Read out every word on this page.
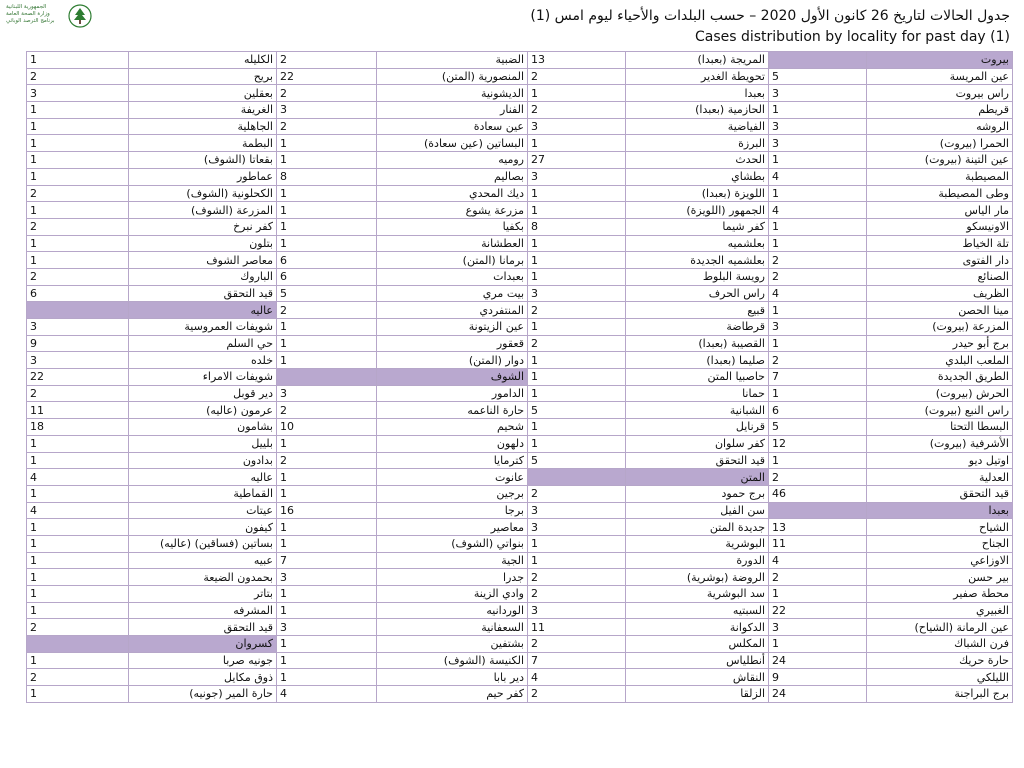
الجمهورية اللبنانية
وزارة الصحة العامة
برنامج الترصد الوبائي	جدول الحالات لتاريخ 26 كانون الأول 2020 – حسب البلدات والأحياء ليوم امس (1)
Cases distribution by locality for past day (1)
1	الكليله	2	الضبية	13	المريجة (بعبدا)		بيروت
2	بريح	22	المنصورية (المتن)	2	تحويطة الغدير	5	عين المريسة
3	بعقلين	2	الديشونية	1	بعبدا	3	راس بيروت
1	الغريفة	3	الفنار	2	الحازمية (بعبدا)	1	قريطم
1	الجاهلية	2	عين سعادة	3	الفياضية	3	الروشه
1	البطمة	1	البساتين (عين سعادة)	1	البرزة	3	الحمرا (بيروت)
1	بقعاتا (الشوف)	1	روميه	27	الحدث	1	عين التينة (بيروت)
1	عماطور	8	بصاليم	3	بطشاي	4	المصيطبة
2	الكحلونية (الشوف)	1	ديك المحدي	1	اللويزة (بعبدا)	1	وطى المصيطبة
1	المزرعة (الشوف)	1	مزرعة يشوع	1	الجمهور (اللويزة)	4	مار الياس
2	كفر نبرخ	1	بكفيا	8	كفر شيما	1	الاونيسكو
1	بتلون	1	العطشانة	1	بعلشميه	1	تلة الخياط
1	معاصر الشوف	6	برمانا (المتن)	1	بعلشميه الجديدة	2	دار الفتوى
2	الباروك	6	بعبدات	1	رويسة البلوط	2	الصنائع
6	قيد التحقق	5	بيت مري	3	راس الحرف	4	الظريف
	عاليه	2	المنتفردي	2	قبيع	1	مينا الحصن
3	شويفات العمروسية	1	عين الزيتونة	1	قرطاضة	3	المزرعة (بيروت)
9	حي السلم	1	قعقور	2	القصيبة (بعبدا)	1	برج أبو حيدر
3	خلده	1	دوار (المتن)	1	صليما (بعبدا)	2	الملعب البلدي
22	شويفات الامراء		الشوف	1	حاصبيا المتن	7	الطريق الجديدة
2	دير قوبل	3	الدامور	1	حمانا	1	الحرش (بيروت)
11	عرمون (عاليه)	2	حارة الناعمه	5	الشبانية	6	راس النبع (بيروت)
18	بشامون	10	شحيم	1	قرنايل	5	البسطا التحتا
1	بلييل	1	دلهون	1	كفر سلوان	12	الأشرفية (بيروت)
1	بدادون	2	كترمايا	5	قيد التحقق	1	اوتيل ديو
4	عاليه	1	عانوت		المتن	2	العدلية
1	القماطية	1	برجين	2	برج حمود	46	قيد التحقق
4	عيتات	16	برجا	3	سن الفيل		بعبدا
1	كيفون	1	معاصير	3	جديدة المتن	13	الشياح
1	بساتين (فساقين) (عاليه)	1	بنواتي (الشوف)	1	البوشرية	11	الجناح
1	عبيه	7	الجية	1	الدورة	4	الاوزاعي
1	بحمدون الضيعة	3	جدرا	2	الروضة (بوشرية)	2	بير حسن
1	بتاتر	1	وادي الزينة	2	سد البوشرية	1	محطة صفير
1	المشرفه	1	الوردانيه	3	السبتيه	22	الغبيري
2	قيد التحقق	3	السعفانية	11	الدكوانة	3	عين الرمانة (الشياح)
	كسروان	1	بشتفين	2	المكلس	1	فرن الشباك
1	جونيه صربا	1	الكنيسة (الشوف)	7	أنطلياس	24	حارة حريك
2	ذوق مكايل	1	دير بابا	4	النقاش	9	الليلكي
1	حارة المير (جونيه)	4	كفر حيم	2	الزلقا	24	برج البراجنة
